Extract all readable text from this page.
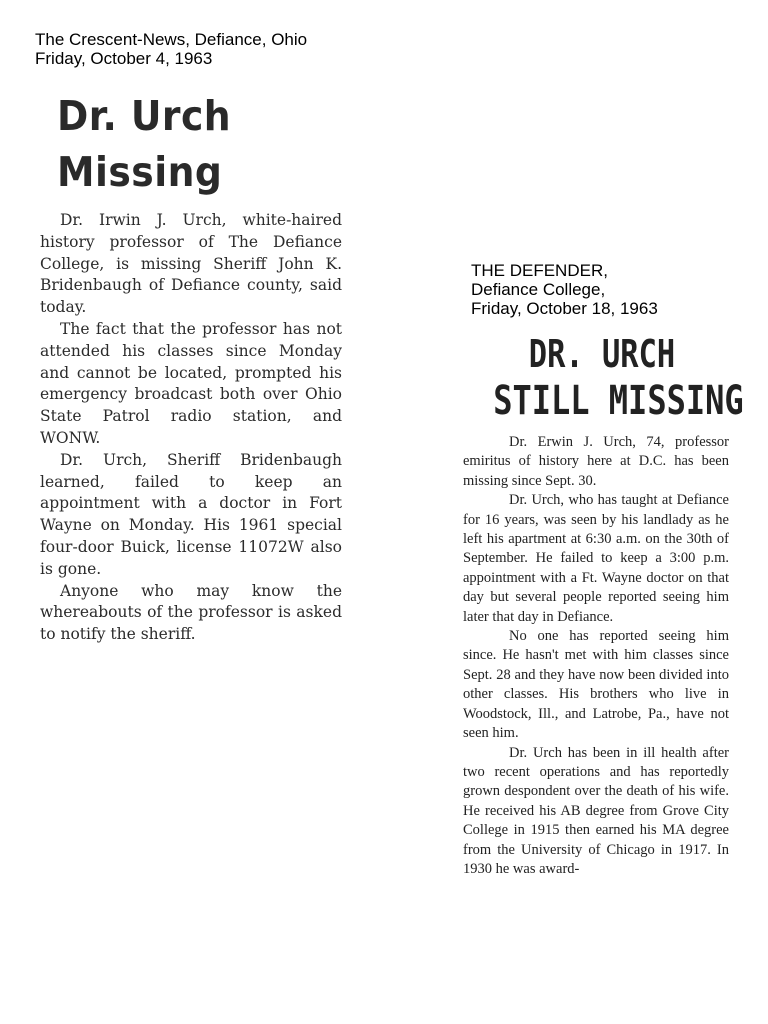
The Crescent-News, Defiance, Ohio
Friday, October 4, 1963
Dr. Urch
Missing

Dr. Irwin J. Urch, white-haired history professor of The Defiance College, is missing Sheriff John K. Bridenbaugh of Defiance county, said today.

The fact that the professor has not attended his classes since Monday and cannot be located, prompted his emergency broadcast both over Ohio State Patrol radio station, and WONW.

Dr. Urch, Sheriff Bridenbaugh learned, failed to keep an appointment with a doctor in Fort Wayne on Monday. His 1961 special four-door Buick, license 11072W also is gone.

Anyone who may know the whereabouts of the professor is asked to notify the sheriff.

THE DEFENDER,
Defiance College,
Friday, October 18, 1963
DR. URCH
STILL MISSING

Dr. Erwin J. Urch, 74, professor emiritus of history here at D.C. has been missing since Sept. 30.

Dr. Urch, who has taught at Defiance for 16 years, was seen by his landlady as he left his apartment at 6:30 a.m. on the 30th of September. He failed to keep a 3:00 p.m. appointment with a Ft. Wayne doctor on that day but several people reported seeing him later that day in Defiance.

No one has reported seeing him since. He hasn't met with him classes since Sept. 28 and they have now been divided into other classes. His brothers who live in Woodstock, Ill., and Latrobe, Pa., have not seen him.

Dr. Urch has been in ill health after two recent operations and has reportedly grown despondent over the death of his wife. He received his AB degree from Grove City College in 1915 then earned his MA degree from the University of Chicago in 1917. In 1930 he was award-
